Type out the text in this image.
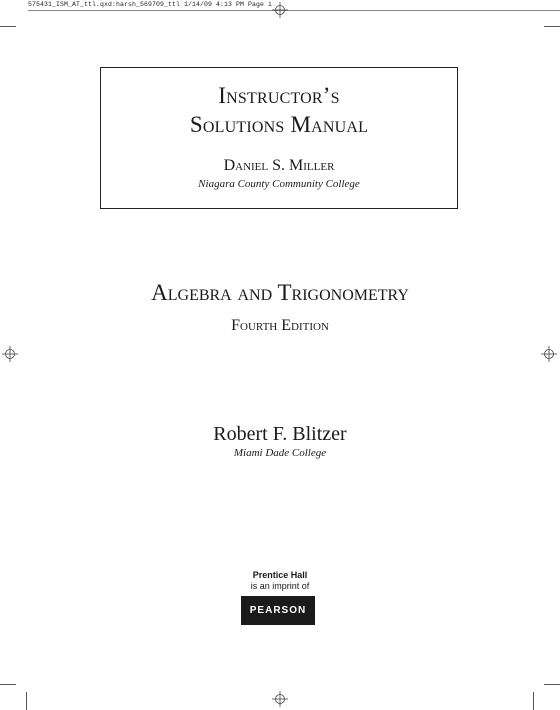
575431_ISM_AT_ttl.qxd:harsh_569709_ttl 1/14/09 4:13 PM Page i
Instructor’s
Solutions Manual
Daniel S. Miller
Niagara County Community College
Algebra and Trigonometry
Fourth Edition
Robert F. Blitzer
Miami Dade College
Prentice Hall
is an imprint of
PEARSON
